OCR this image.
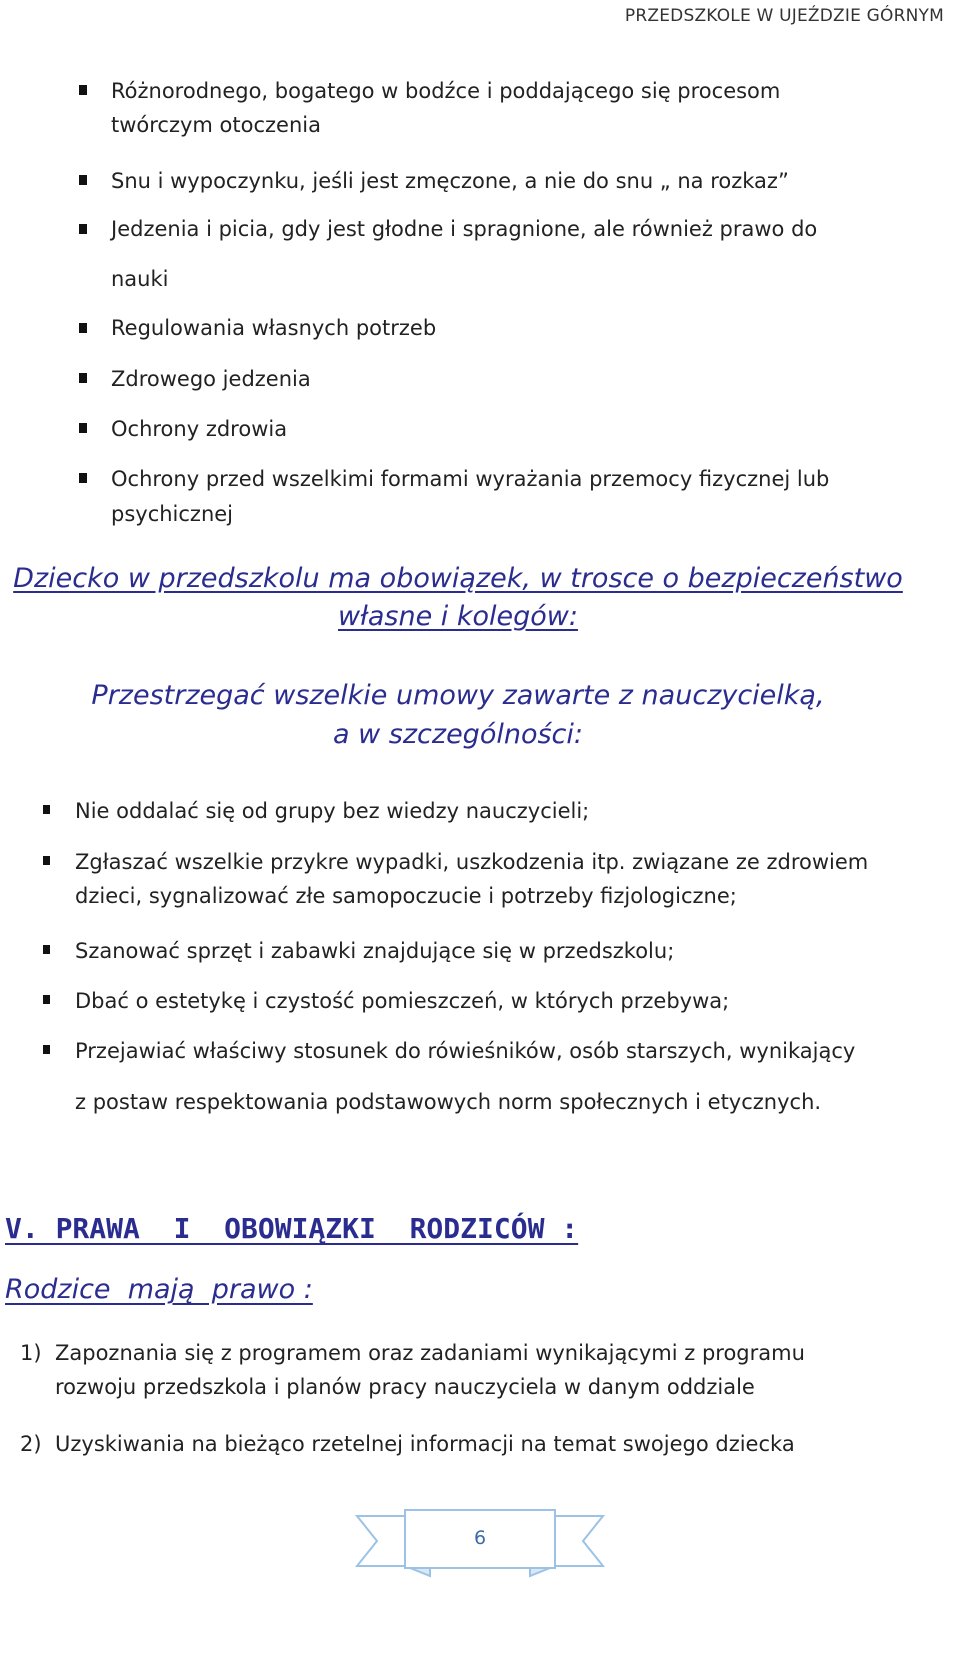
PRZEDSZKOLE W UJEŹDZIE GÓRNYM
Różnorodnego, bogatego w bodźce i poddającego się procesom
twórczym otoczenia
Snu i wypoczynku, jeśli jest zmęczone, a nie do snu „ na rozkaz”
Jedzenia i picia, gdy jest głodne i spragnione, ale również prawo do
nauki
Regulowania własnych potrzeb
Zdrowego jedzenia
Ochrony zdrowia
Ochrony przed wszelkimi formami wyrażania przemocy fizycznej lub
psychicznej
Dziecko w przedszkolu ma obowiązek, w trosce o bezpieczeństwo
własne i kolegów:
Przestrzegać wszelkie umowy zawarte z nauczycielką,
a w szczególności:
Nie oddalać się od grupy bez wiedzy nauczycieli;
Zgłaszać wszelkie przykre wypadki, uszkodzenia itp. związane ze zdrowiem
dzieci, sygnalizować złe samopoczucie i potrzeby fizjologiczne;
Szanować sprzęt i zabawki znajdujące się w przedszkolu;
Dbać o estetykę i czystość pomieszczeń, w których przebywa;
Przejawiać właściwy stosunek do rówieśników, osób starszych, wynikający
z postaw respektowania podstawowych norm społecznych i etycznych.
V. PRAWA  I  OBOWIĄZKI  RODZICÓW :
Rodzice  mają  prawo :
1) Zapoznania się z programem oraz zadaniami wynikającymi z programu
rozwoju przedszkola i planów pracy nauczyciela w danym oddziale
2) Uzyskiwania na bieżąco rzetelnej informacji na temat swojego dziecka
6
